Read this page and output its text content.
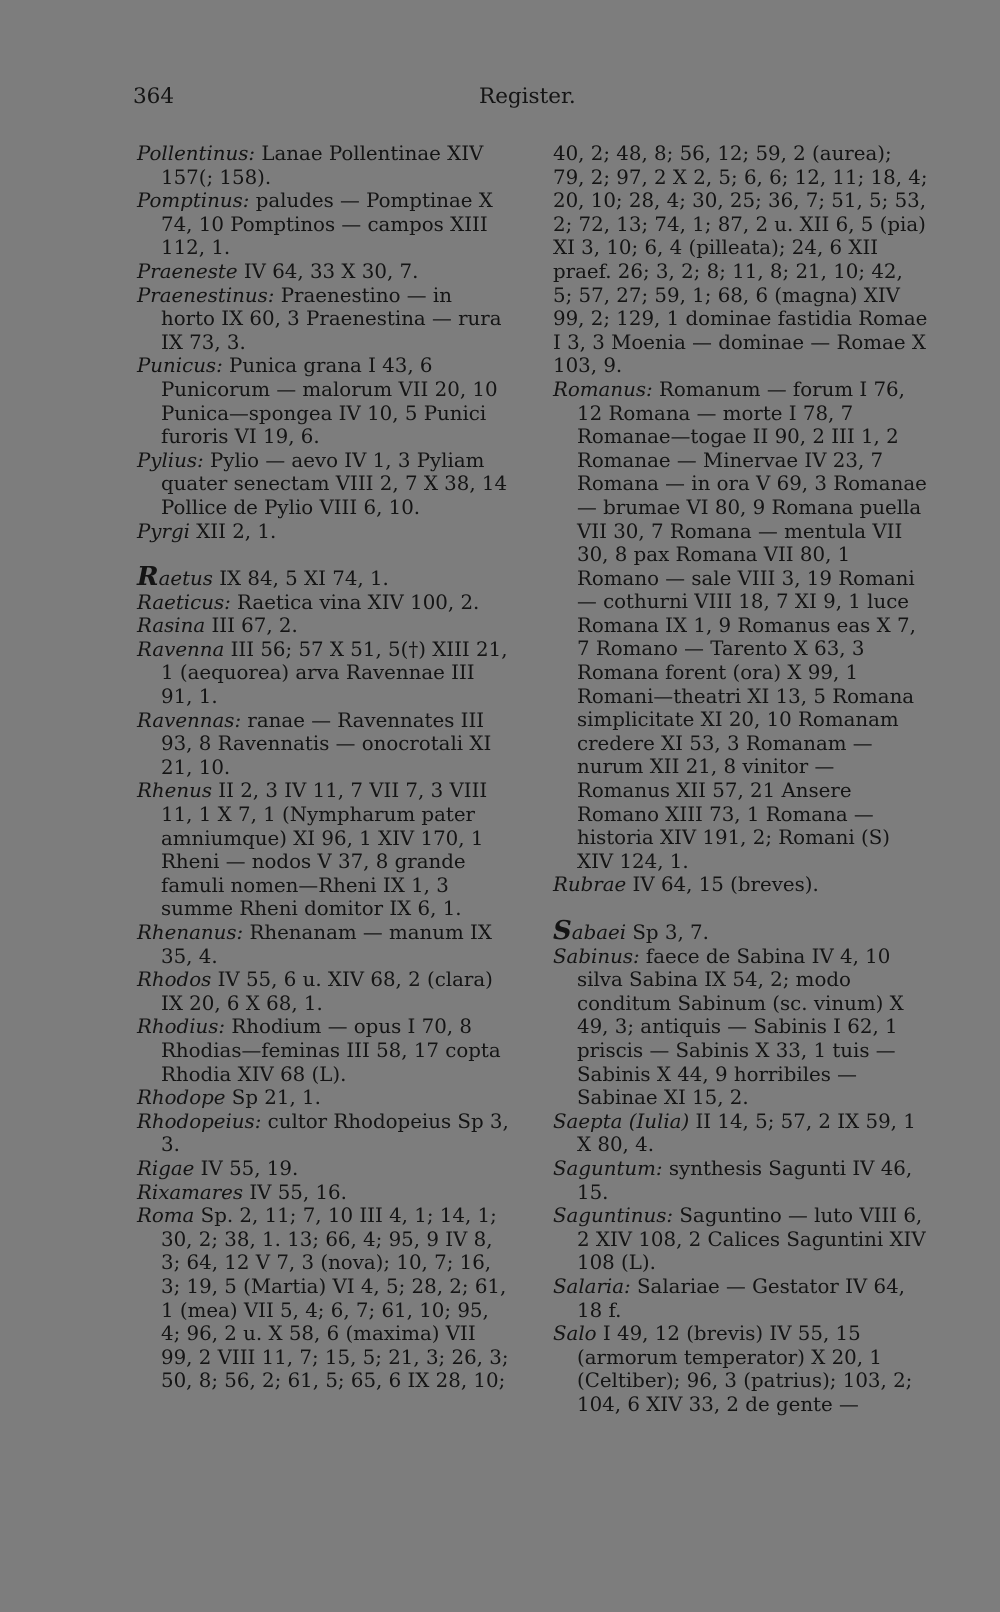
364	Register.
Pollentinus: Lanae Pollentinae XIV 157(; 158).
Pomptinus: paludes — Pomptinae X 74, 10 Pomptinos — campos XIII 112, 1.
Praeneste IV 64, 33 X 30, 7.
Praenestinus: Praenestino — in horto IX 60, 3 Praenestina — rura IX 73, 3.
Punicus: Punica grana I 43, 6 Punicorum — malorum VII 20, 10 Punica—spongea IV 10, 5 Punici furoris VI 19, 6.
Pylius: Pylio — aevo IV 1, 3 Pyliam quater senectam VIII 2, 7 X 38, 14 Pollice de Pylio VIII 6, 10.
Pyrgi XII 2, 1.
Raetus IX 84, 5 XI 74, 1.
Raeticus: Raetica vina XIV 100, 2.
Rasina III 67, 2.
Ravenna III 56; 57 X 51, 5(†) XIII 21, 1 (aequorea) arva Ravennae III 91, 1.
Ravennas: ranae — Ravennates III 93, 8 Ravennatis — onocrotali XI 21, 10.
Rhenus II 2, 3 IV 11, 7 VII 7, 3 VIII 11, 1 X 7, 1 (Nympharum pater amniumque) XI 96, 1 XIV 170, 1 Rheni — nodos V 37, 8 grande famuli nomen—Rheni IX 1, 3 summe Rheni domitor IX 6, 1.
Rhenanus: Rhenanam — manum IX 35, 4.
Rhodos IV 55, 6 u. XIV 68, 2 (clara) IX 20, 6 X 68, 1.
Rhodius: Rhodium — opus I 70, 8 Rhodias—feminas III 58, 17 copta Rhodia XIV 68 (L).
Rhodope Sp 21, 1.
Rhodopeius: cultor Rhodopeius Sp 3, 3.
Rigae IV 55, 19.
Rixamares IV 55, 16.
Roma Sp. 2, 11; 7, 10 III 4, 1; 14, 1; 30, 2; 38, 1. 13; 66, 4; 95, 9 IV 8, 3; 64, 12 V 7, 3 (nova); 10, 7; 16, 3; 19, 5 (Martia) VI 4, 5; 28, 2; 61, 1 (mea) VII 5, 4; 6, 7; 61, 10; 95, 4; 96, 2 u. X 58, 6 (maxima) VII 99, 2 VIII 11, 7; 15, 5; 21, 3; 26, 3; 50, 8; 56, 2; 61, 5; 65, 6 IX 28, 10;
40, 2; 48, 8; 56, 12; 59, 2 (aurea); 79, 2; 97, 2 X 2, 5; 6, 6; 12, 11; 18, 4; 20, 10; 28, 4; 30, 25; 36, 7; 51, 5; 53, 2; 72, 13; 74, 1; 87, 2 u. XII 6, 5 (pia) XI 3, 10; 6, 4 (pilleata); 24, 6 XII praef. 26; 3, 2; 8; 11, 8; 21, 10; 42, 5; 57, 27; 59, 1; 68, 6 (magna) XIV 99, 2; 129, 1 dominae fastidia Romae I 3, 3 Moenia — dominae — Romae X 103, 9.
Romanus: Romanum — forum I 76, 12 Romana — morte I 78, 7 Romanae—togae II 90, 2 III 1, 2 Romanae — Minervae IV 23, 7 Romana — in ora V 69, 3 Romanae — brumae VI 80, 9 Romana puella VII 30, 7 Romana — mentula VII 30, 8 pax Romana VII 80, 1 Romano — sale VIII 3, 19 Romani — cothurni VIII 18, 7 XI 9, 1 luce Romana IX 1, 9 Romanus eas X 7, 7 Romano — Tarento X 63, 3 Romana forent (ora) X 99, 1 Romani—theatri XI 13, 5 Romana simplicitate XI 20, 10 Romanam credere XI 53, 3 Romanam — nurum XII 21, 8 vinitor — Romanus XII 57, 21 Ansere Romano XIII 73, 1 Romana — historia XIV 191, 2; Romani (S) XIV 124, 1.
Rubrae IV 64, 15 (breves).
Sabaei Sp 3, 7.
Sabinus: faece de Sabina IV 4, 10 silva Sabina IX 54, 2; modo conditum Sabinum (sc. vinum) X 49, 3; antiquis — Sabinis I 62, 1 priscis — Sabinis X 33, 1 tuis — Sabinis X 44, 9 horribiles — Sabinae XI 15, 2.
Saepta (Iulia) II 14, 5; 57, 2 IX 59, 1 X 80, 4.
Saguntum: synthesis Sagunti IV 46, 15.
Saguntinus: Saguntino — luto VIII 6, 2 XIV 108, 2 Calices Saguntini XIV 108 (L).
Salaria: Salariae — Gestator IV 64, 18 f.
Salo I 49, 12 (brevis) IV 55, 15 (armorum temperator) X 20, 1 (Celtiber); 96, 3 (patrius); 103, 2; 104, 6 XIV 33, 2 de gente —
